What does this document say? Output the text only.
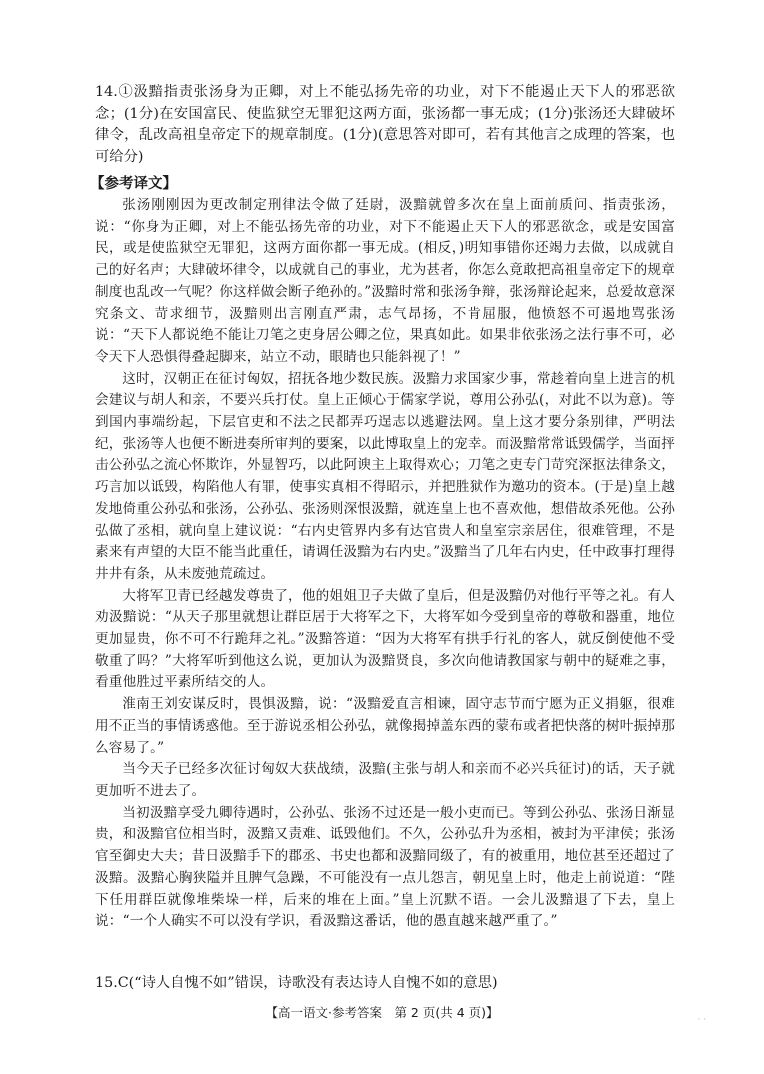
14.①汲黯指责张汤身为正卿，对上不能弘扬先帝的功业，对下不能遏止天下人的邪恶欲念；(1分)在安国富民、使监狱空无罪犯这两方面，张汤都一事无成；(1分)张汤还大肆破坏律令，乱改高祖皇帝定下的规章制度。(1分)(意思答对即可，若有其他言之成理的答案，也可给分)
【参考译文】

张汤刚刚因为更改制定刑律法令做了廷尉，汲黯就曾多次在皇上面前质问、指责张汤，说：“你身为正卿，对上不能弘扬先帝的功业，对下不能遏止天下人的邪恶欲念，或是安国富民，或是使监狱空无罪犯，这两方面你都一事无成。(相反，)明知事错你还竭力去做，以成就自己的好名声；大肆破坏律令，以成就自己的事业，尤为甚者，你怎么竟敢把高祖皇帝定下的规章制度也乱改一气呢？你这样做会断子绝孙的。”汲黯时常和张汤争辩，张汤辩论起来，总爱故意深究条文、苛求细节，汲黯则出言刚直严肃，志气昂扬，不肯屈服，他愤怒不可遏地骂张汤说：“天下人都说绝不能让刀笔之吏身居公卿之位，果真如此。如果非依张汤之法行事不可，必令天下人恐惧得叠起脚来，站立不动，眼睛也只能斜视了！”

这时，汉朝正在征讨匈奴，招抚各地少数民族。汲黯力求国家少事，常趁着向皇上进言的机会建议与胡人和亲，不要兴兵打仗。皇上正倾心于儒家学说，尊用公孙弘(，对此不以为意)。等到国内事端纷起，下层官吏和不法之民都弄巧逞志以逃避法网。皇上这才要分条别律，严明法纪，张汤等人也便不断进奏所审判的要案，以此博取皇上的宠幸。而汲黯常常诋毁儒学，当面抨击公孙弘之流心怀欺诈，外显智巧，以此阿谀主上取得欢心；刀笔之吏专门苛究深抠法律条文，巧言加以诋毁，构陷他人有罪，使事实真相不得昭示，并把胜狱作为邀功的资本。(于是)皇上越发地倚重公孙弘和张汤，公孙弘、张汤则深恨汲黯，就连皇上也不喜欢他，想借故杀死他。公孙弘做了丞相，就向皇上建议说：“右内史管界内多有达官贵人和皇室宗亲居住，很难管理，不是素来有声望的大臣不能当此重任，请调任汲黯为右内史。”汲黯当了几年右内史，任中政事打理得井井有条，从未废弛荒疏过。

大将军卫青已经越发尊贵了，他的姐姐卫子夫做了皇后，但是汲黯仍对他行平等之礼。有人劝汲黯说：“从天子那里就想让群臣居于大将军之下，大将军如今受到皇帝的尊敬和器重，地位更加显贵，你不可不行跪拜之礼。”汲黯答道：“因为大将军有拱手行礼的客人，就反倒使他不受敬重了吗？”大将军听到他这么说，更加认为汲黯贤良，多次向他请教国家与朝中的疑难之事，看重他胜过平素所结交的人。

淮南王刘安谋反时，畏惧汲黯，说：“汲黯爱直言相谏，固守志节而宁愿为正义捐躯，很难用不正当的事情诱惑他。至于游说丞相公孙弘，就像揭掉盖东西的蒙布或者把快落的树叶振掉那么容易了。”

当今天子已经多次征讨匈奴大获战绩，汲黯(主张与胡人和亲而不必兴兵征讨)的话，天子就更加听不进去了。

当初汲黯享受九卿待遇时，公孙弘、张汤不过还是一般小吏而已。等到公孙弘、张汤日渐显贵，和汲黯官位相当时，汲黯又责难、诋毁他们。不久，公孙弘升为丞相，被封为平津侯；张汤官至御史大夫；昔日汲黯手下的郡丞、书史也都和汲黯同级了，有的被重用，地位甚至还超过了汲黯。汲黯心胸狭隘并且脾气急躁，不可能没有一点儿怨言，朝见皇上时，他走上前说道：“陛下任用群臣就像堆柴垛一样，后来的堆在上面。”皇上沉默不语。一会儿汲黯退了下去，皇上说：“一个人确实不可以没有学识，看汲黯这番话，他的愚直越来越严重了。”

15.C(“诗人自愧不如”错误，诗歌没有表达诗人自愧不如的意思)
【高一语文·参考答案　第 2 页(共 4 页)】	· ·
